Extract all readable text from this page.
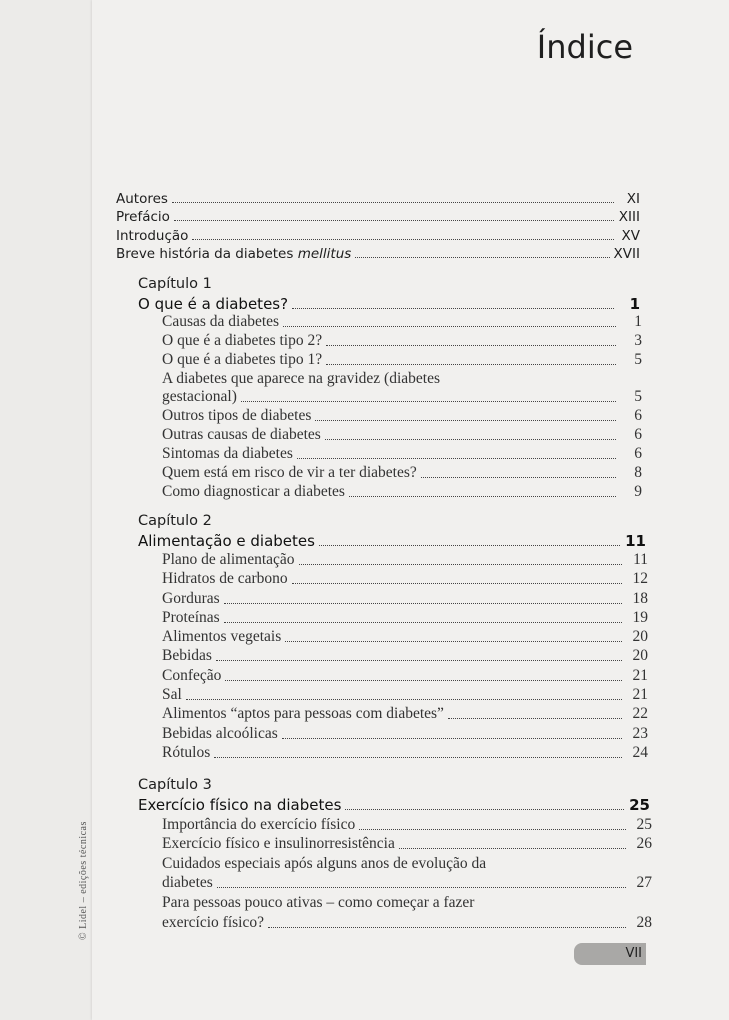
Índice
Autores	XI
Prefácio	XIII
Introdução	XV
Breve história da diabetes mellitus	XVII
Capítulo 1
O que é a diabetes?	1
Causas da diabetes	1
O que é a diabetes tipo 2?	3
O que é a diabetes tipo 1?	5
A diabetes que aparece na gravidez (diabetes
gestacional)	5
Outros tipos de diabetes	6
Outras causas de diabetes	6
Sintomas da diabetes	6
Quem está em risco de vir a ter diabetes?	8
Como diagnosticar a diabetes	9
Capítulo 2
Alimentação e diabetes	11
Plano de alimentação	11
Hidratos de carbono	12
Gorduras	18
Proteínas	19
Alimentos vegetais	20
Bebidas	20
Confeção	21
Sal	21
Alimentos “aptos para pessoas com diabetes”	22
Bebidas alcoólicas	23
Rótulos	24
Capítulo 3
Exercício físico na diabetes	25
Importância do exercício físico	25
Exercício físico e insulinorresistência	26
Cuidados especiais após alguns anos de evolução da
diabetes	27
Para pessoas pouco ativas – como começar a fazer
exercício físico?	28
© Lidel – edições técnicas
VII
